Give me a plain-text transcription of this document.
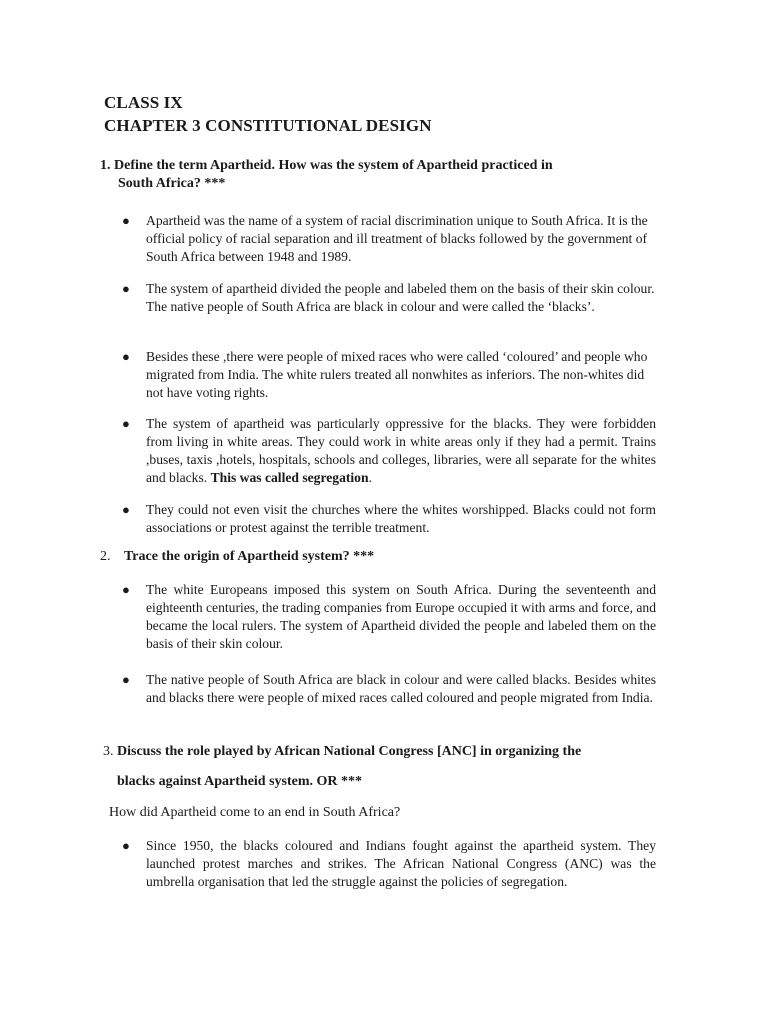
CLASS IX
CHAPTER 3 CONSTITUTIONAL DESIGN
1. Define the term Apartheid. How was the system of Apartheid practiced in
South Africa? ***
● Apartheid was the name of a system of racial discrimination unique to South Africa. It is the official policy of racial separation and ill treatment of blacks followed by the government of South Africa between 1948 and 1989.
● The system of apartheid divided the people and labeled them on the basis of their skin colour. The native people of South Africa are black in colour and were called the ‘blacks’.
● Besides these ,there were people of mixed races who were called ‘coloured’ and people who migrated from India. The white rulers treated all nonwhites as inferiors. The non-whites did not have voting rights.
● The system of apartheid was particularly oppressive for the blacks. They were forbidden from living in white areas. They could work in white areas only if they had a permit. Trains ,buses, taxis ,hotels, hospitals, schools and colleges, libraries, were all separate for the whites and blacks. This was called segregation.
● They could not even visit the churches where the whites worshipped. Blacks could not form associations or protest against the terrible treatment.
2. Trace the origin of Apartheid system? ***
● The white Europeans imposed this system on South Africa. During the seventeenth and eighteenth centuries, the trading companies from Europe occupied it with arms and force, and became the local rulers. The system of Apartheid divided the people and labeled them on the basis of their skin colour.
● The native people of South Africa are black in colour and were called blacks. Besides whites and blacks there were people of mixed races called coloured and people migrated from India.
3. Discuss the role played by African National Congress [ANC] in organizing the
blacks against Apartheid system. OR ***
How did Apartheid come to an end in South Africa?
● Since 1950, the blacks coloured and Indians fought against the apartheid system. They launched protest marches and strikes. The African National Congress (ANC) was the umbrella organisation that led the struggle against the policies of segregation.
